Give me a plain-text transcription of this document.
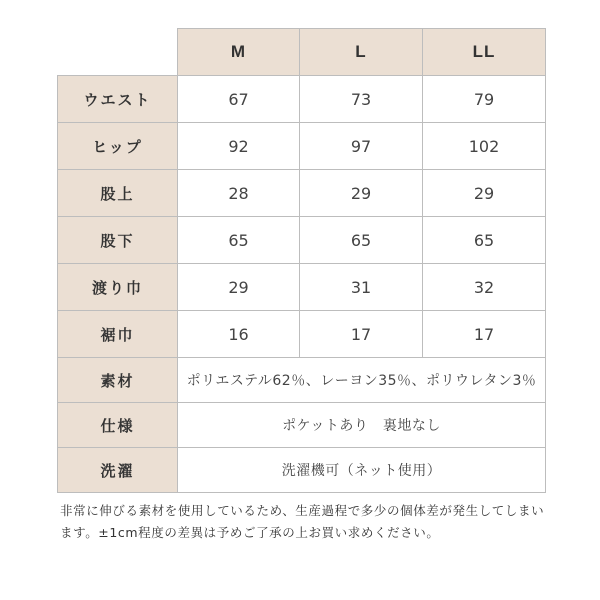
	M	L	LL
ウエスト	67	73	79
ヒップ	92	97	102
股上	28	29	29
股下	65	65	65
渡り巾	29	31	32
裾巾	16	17	17
素材	ポリエステル62％、レーヨン35％、ポリウレタン3％		
仕様	ポケットあり　裏地なし		
洗濯	洗濯機可（ネット使用）		

非常に伸びる素材を使用しているため、生産過程で多少の個体差が発生してしまいます。±1cm程度の差異は予めご了承の上お買い求めください。
